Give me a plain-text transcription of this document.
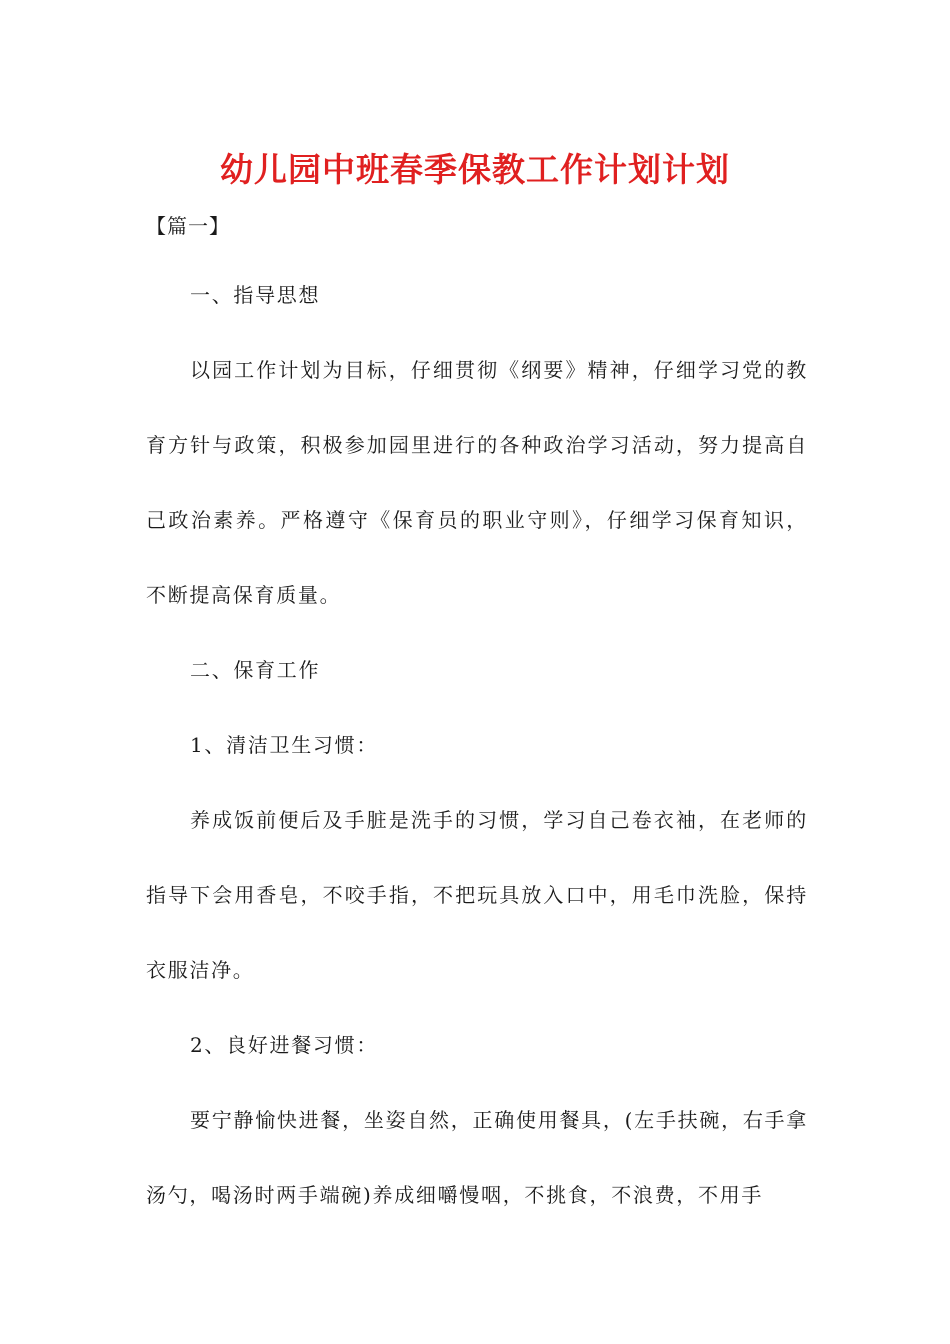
幼儿园中班春季保教工作计划计划
【篇一】

一、指导思想

以园工作计划为目标，仔细贯彻《纲要》精神，仔细学习党的教育方针与政策，积极参加园里进行的各种政治学习活动，努力提高自己政治素养。严格遵守《保育员的职业守则》，仔细学习保育知识，不断提高保育质量。

二、保育工作

1、清洁卫生习惯：

养成饭前便后及手脏是洗手的习惯，学习自己卷衣袖，在老师的指导下会用香皂，不咬手指，不把玩具放入口中，用毛巾洗脸，保持衣服洁净。

2、良好进餐习惯：

要宁静愉快进餐，坐姿自然，正确使用餐具，(左手扶碗，右手拿汤勺，喝汤时两手端碗)养成细嚼慢咽，不挑食，不浪费，不用手
